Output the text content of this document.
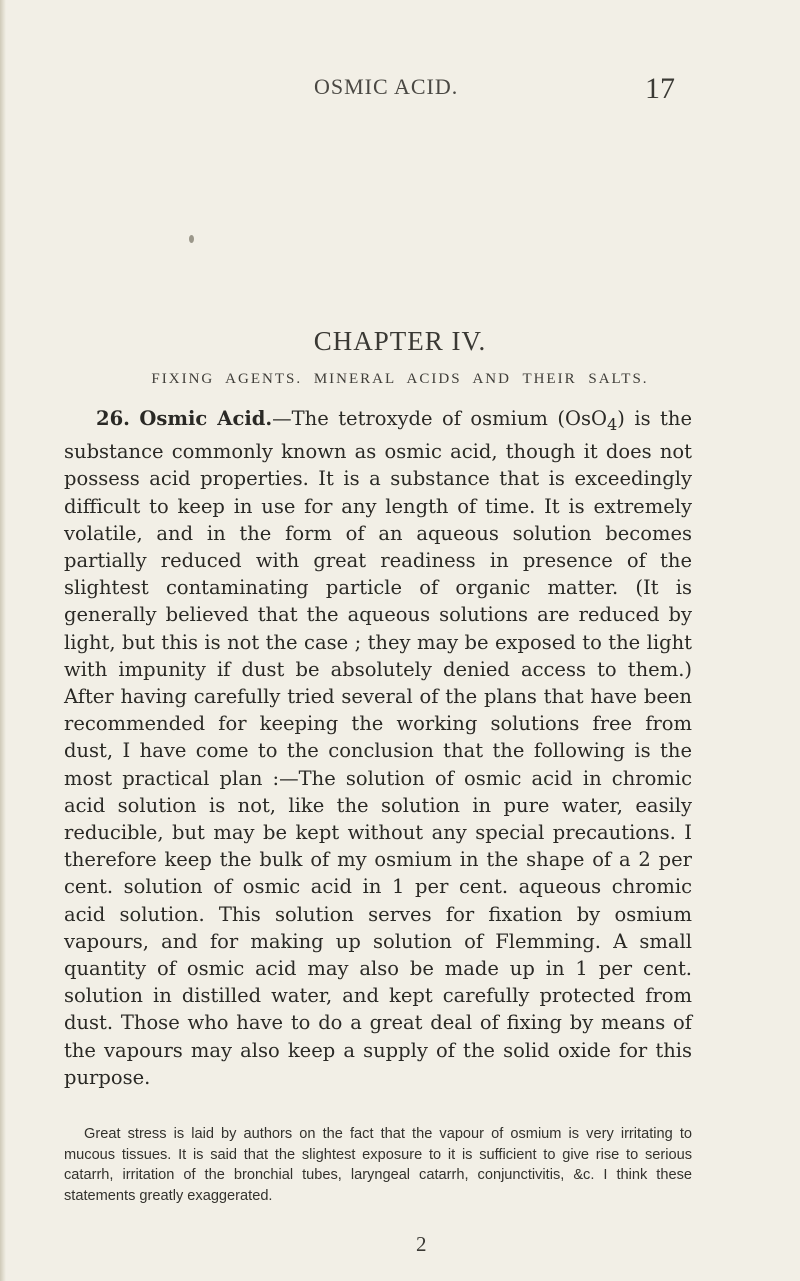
OSMIC ACID.	17
CHAPTER IV.
FIXING AGENTS. MINERAL ACIDS AND THEIR SALTS.
26. Osmic Acid.—The tetroxyde of osmium (OsO$_4$) is the substance commonly known as osmic acid, though it does not possess acid properties. It is a substance that is exceedingly difficult to keep in use for any length of time. It is extremely volatile, and in the form of an aqueous solution becomes partially reduced with great readiness in presence of the slightest contaminating particle of organic matter. (It is generally believed that the aqueous solutions are reduced by light, but this is not the case ; they may be exposed to the light with impunity if dust be absolutely denied access to them.) After having carefully tried several of the plans that have been recommended for keeping the working solutions free from dust, I have come to the conclusion that the following is the most practical plan :—The solution of osmic acid in chromic acid solution is not, like the solution in pure water, easily reducible, but may be kept without any special precautions. I therefore keep the bulk of my osmium in the shape of a 2 per cent. solution of osmic acid in 1 per cent. aqueous chromic acid solution. This solution serves for fixation by osmium vapours, and for making up solution of Flemming. A small quantity of osmic acid may also be made up in 1 per cent. solution in distilled water, and kept carefully protected from dust. Those who have to do a great deal of fixing by means of the vapours may also keep a supply of the solid oxide for this purpose.
Great stress is laid by authors on the fact that the vapour of osmium is very irritating to mucous tissues. It is said that the slightest exposure to it is sufficient to give rise to serious catarrh, irritation of the bronchial tubes, laryngeal catarrh, conjunctivitis, &c. I think these statements greatly exaggerated.
2
